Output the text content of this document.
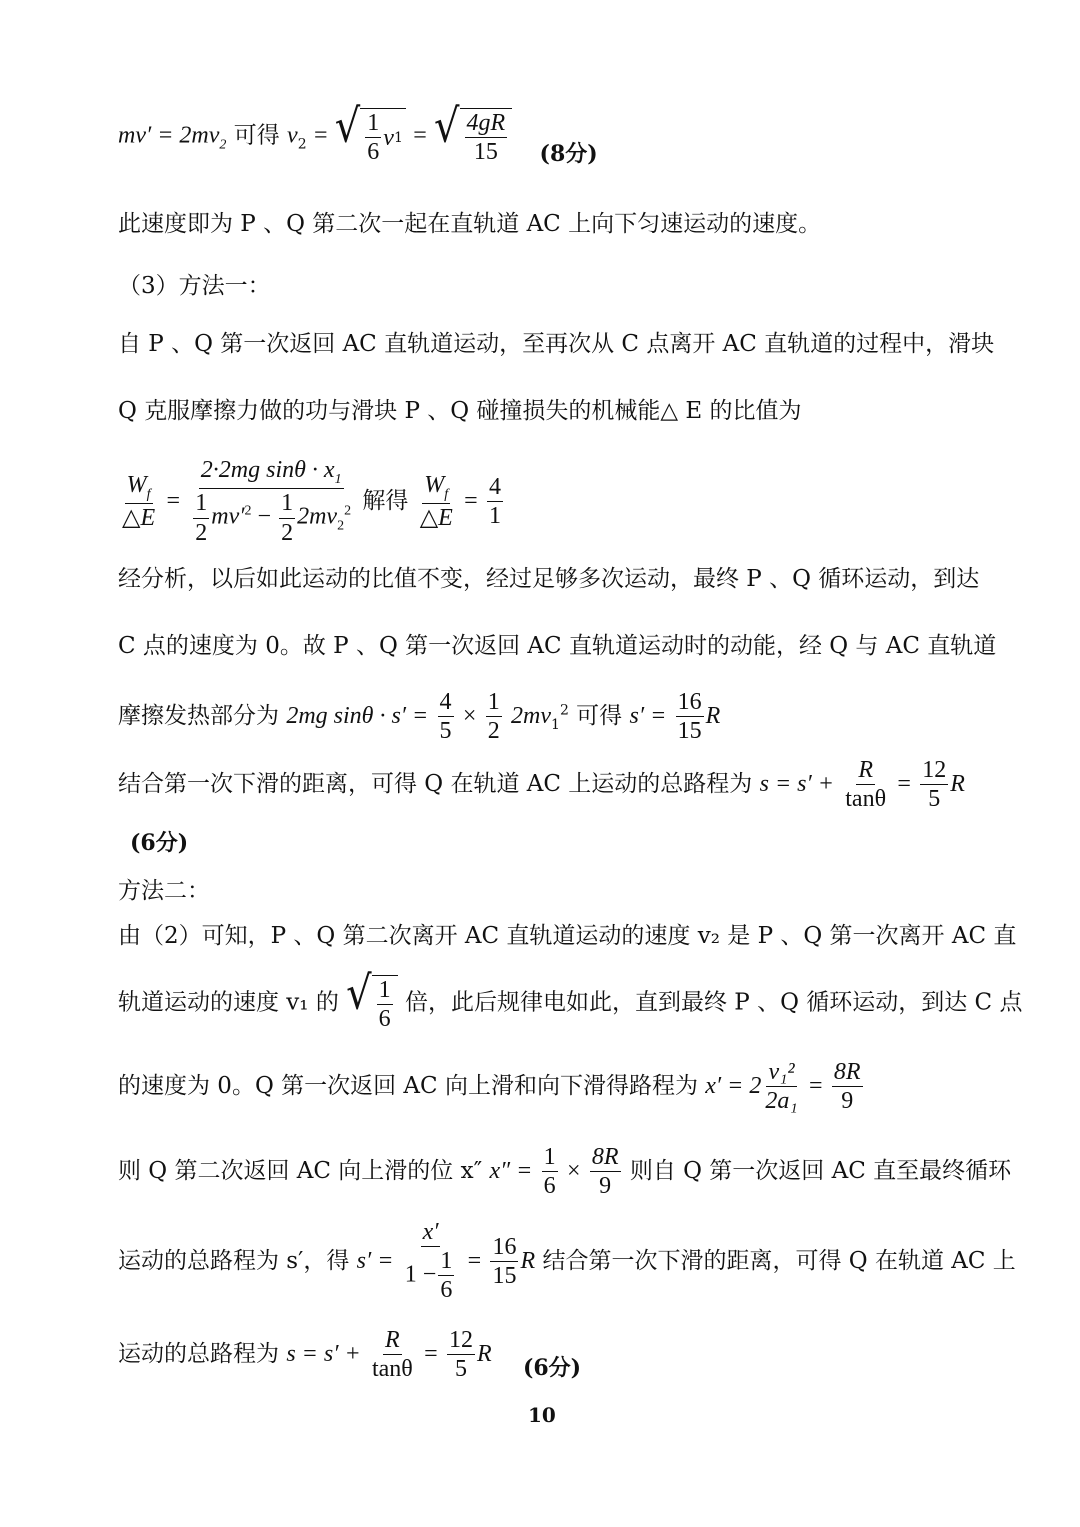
$mv' = 2mv_2$ 可得 $v_2$ = √ $\frac{1}{6}$ v 1 = √ $\frac{4gR}{15} (8$分)
此速度即为 P 、Q 第二次一起在直轨道 AC 上向下匀速运动的速度。
（3）方法一：
自 P 、Q 第一次返回 AC 直轨道运动，至再次从 C 点离开 AC 直轨道的过程中，滑块
Q 克服摩擦力做的功与滑块 P 、Q 碰撞损失的机械能△ E 的比值为
$\frac{W_f}{\triangle E} = \frac{2\cdot 2mg \sin\theta \cdot x_1}{\frac{1}{2} mv'^2 - \frac{1}{2} 2mv_2^2}$ 解得 $\frac{W_f}{\triangle E} = \frac{4}{1}$
经分析，以后如此运动的比值不变，经过足够多次运动，最终 P 、Q 循环运动，到达
C 点的速度为 0。故 P 、Q 第一次返回 AC 直轨道运动时的动能，经 Q 与 AC 直轨道
摩擦发热部分为 2mg $\sin\theta \cdot s' = \frac{4}{5} \times \frac{1}{2} 2mv_1^2$ 可得 $s' = \frac{16}{15}$ R
结合第一次下滑的距离，可得 Q 在轨道 AC 上运动的总路程为 $s = s' + \frac{R}{\tan\theta} = \frac{12}{5}$ R
(6分)
方法二：
由（2）可知，P 、Q 第二次离开 AC 直轨道运动的速度 v₂ 是 P 、Q 第一次离开 AC 直
轨道运动的速度 v₁ 的 √ $\frac{1}{6}$ 倍，此后规律电如此，直到最终 P 、Q 循环运动，到达 C 点
的速度为 0。Q 第一次返回 AC 向上滑和向下滑得路程为 $x' = 2 \frac{\text{v₁²}}{\text{2a₁}} = \frac{8R}{9}$
则 Q 第二次返回 AC 向上滑的位 x″ $x'' = \frac{1}{6} \times \frac{8R}{9}$ 则自 Q 第一次返回 AC 直至最终循环
运动的总路程为 s′，得 $s' = \frac{x'}{1 - \frac{1}{6}} = \frac{16}{15}$ R 结合第一次下滑的距离，可得 Q 在轨道 AC 上
运动的总路程为 $s = s' + \frac{R}{\tan\theta} = \frac{12}{5}$ R (6分)
10
